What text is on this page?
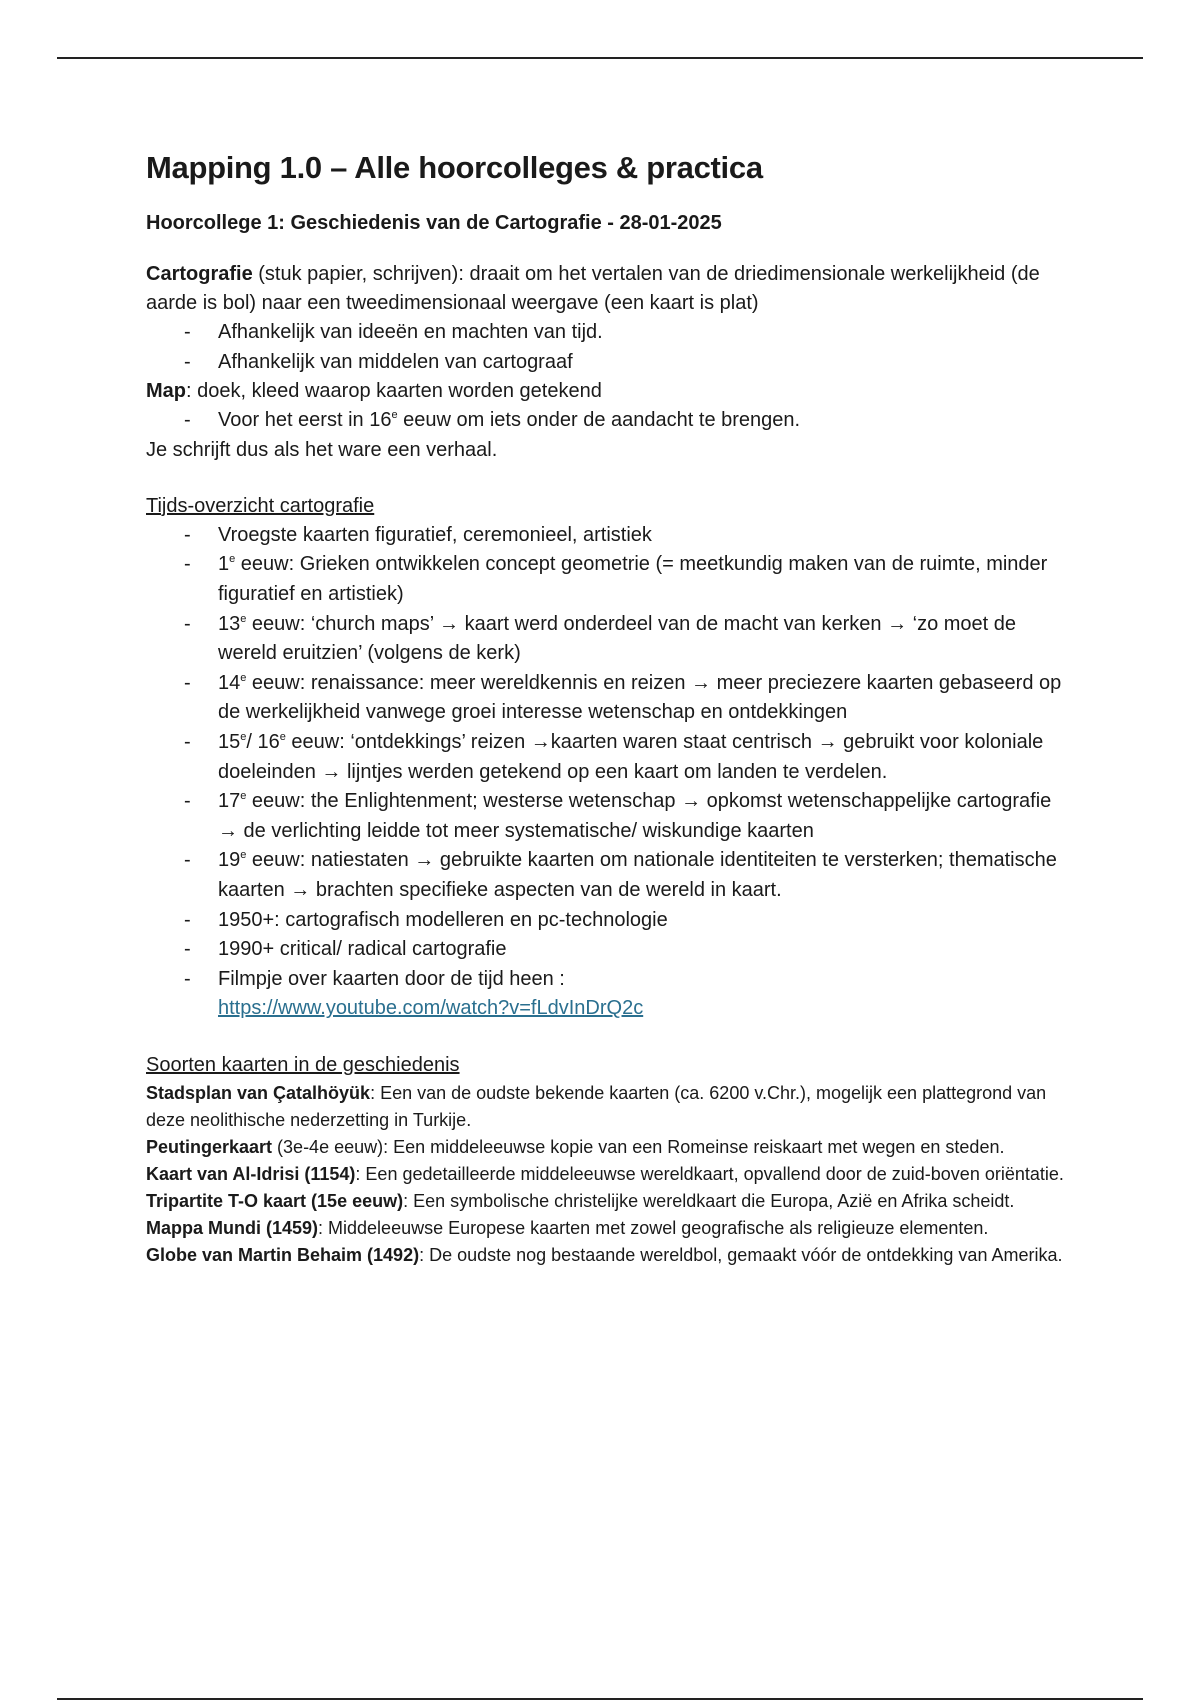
Mapping 1.0 – Alle hoorcolleges & practica
Hoorcollege 1: Geschiedenis van de Cartografie - 28-01-2025
Cartografie (stuk papier, schrijven): draait om het vertalen van de driedimensionale werkelijkheid (de aarde is bol) naar een tweedimensionaal weergave (een kaart is plat)
- Afhankelijk van ideeën en machten van tijd.
- Afhankelijk van middelen van cartograaf
Map: doek, kleed waarop kaarten worden getekend
- Voor het eerst in 16e eeuw om iets onder de aandacht te brengen.
Je schrijft dus als het ware een verhaal.
Tijds-overzicht cartografie
- Vroegste kaarten figuratief, ceremonieel, artistiek
- 1e eeuw: Grieken ontwikkelen concept geometrie (= meetkundig maken van de ruimte, minder figuratief en artistiek)
- 13e eeuw: ‘church maps’ → kaart werd onderdeel van de macht van kerken → ‘zo moet de wereld eruitzien’ (volgens de kerk)
- 14e eeuw: renaissance: meer wereldkennis en reizen → meer preciezere kaarten gebaseerd op de werkelijkheid vanwege groei interesse wetenschap en ontdekkingen
- 15e/ 16e eeuw: ‘ontdekkings’ reizen →kaarten waren staat centrisch → gebruikt voor koloniale doeleinden → lijntjes werden getekend op een kaart om landen te verdelen.
- 17e eeuw: the Enlightenment; westerse wetenschap → opkomst wetenschappelijke cartografie → de verlichting leidde tot meer systematische/ wiskundige kaarten
- 19e eeuw: natiestaten → gebruikte kaarten om nationale identiteiten te versterken; thematische kaarten → brachten specifieke aspecten van de wereld in kaart.
- 1950+: cartografisch modelleren en pc-technologie
- 1990+ critical/ radical cartografie
- Filmpje over kaarten door de tijd heen :
https://www.youtube.com/watch?v=fLdvInDrQ2c
Soorten kaarten in de geschiedenis
Stadsplan van Çatalhöyük: Een van de oudste bekende kaarten (ca. 6200 v.Chr.), mogelijk een plattegrond van deze neolithische nederzetting in Turkije.
Peutingerkaart (3e-4e eeuw): Een middeleeuwse kopie van een Romeinse reiskaart met wegen en steden.
Kaart van Al-Idrisi (1154): Een gedetailleerde middeleeuwse wereldkaart, opvallend door de zuid-boven oriëntatie.
Tripartite T-O kaart (15e eeuw): Een symbolische christelijke wereldkaart die Europa, Azië en Afrika scheidt.
Mappa Mundi (1459): Middeleeuwse Europese kaarten met zowel geografische als religieuze elementen.
Globe van Martin Behaim (1492): De oudste nog bestaande wereldbol, gemaakt vóór de ontdekking van Amerika.
